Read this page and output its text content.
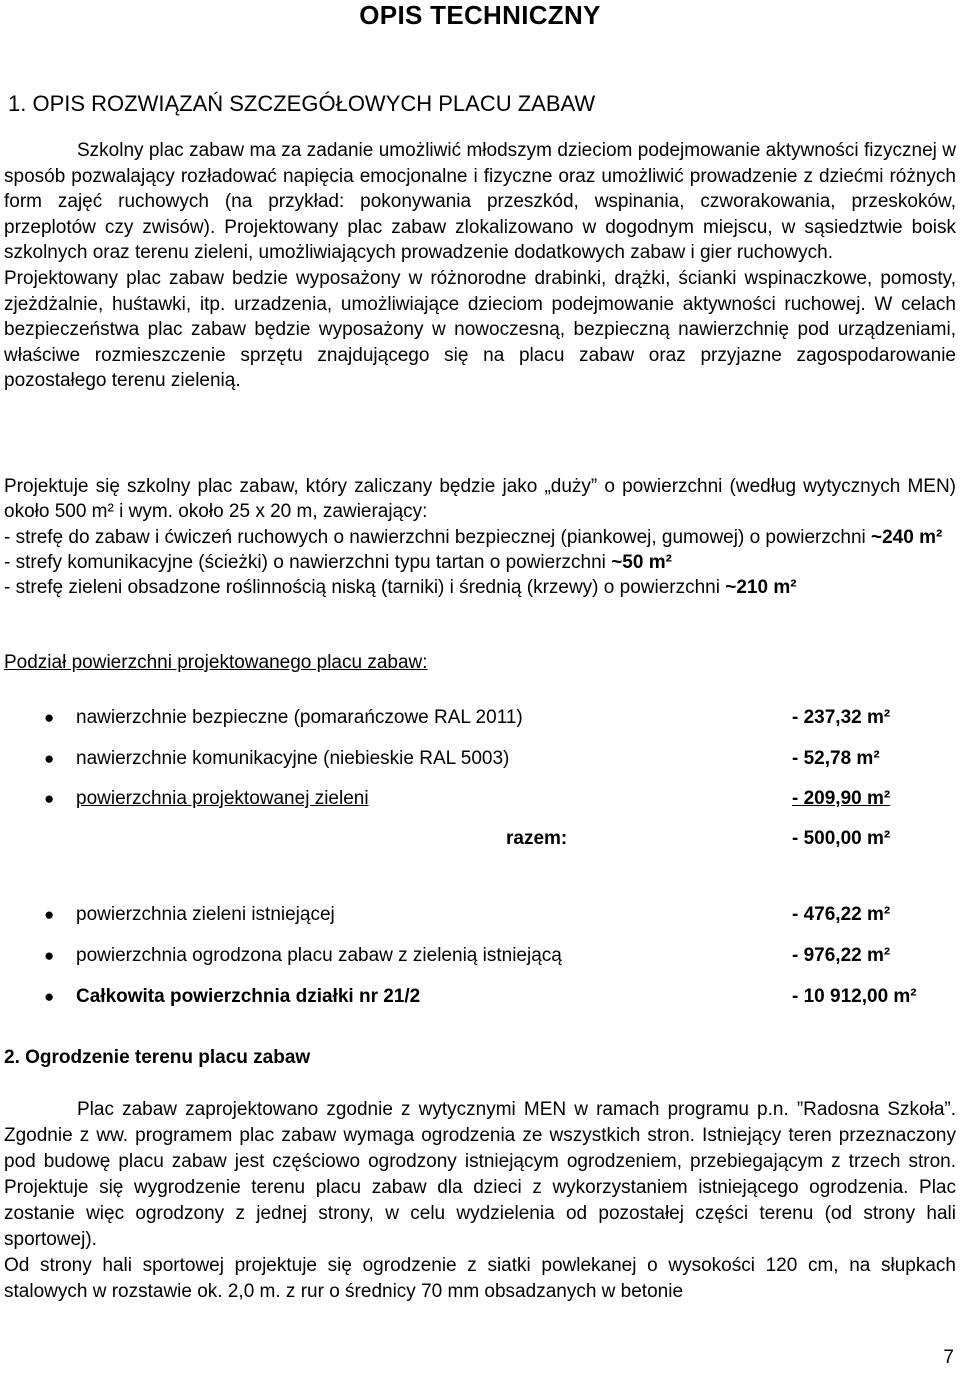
OPIS TECHNICZNY
1. OPIS ROZWIĄZAŃ SZCZEGÓŁOWYCH PLACU ZABAW
Szkolny plac zabaw ma za zadanie umożliwić młodszym dzieciom podejmowanie aktywności fizycznej w sposób pozwalający rozładować napięcia emocjonalne i fizyczne oraz umożliwić prowadzenie z dziećmi różnych form zajęć ruchowych (na przykład: pokonywania przeszkód, wspinania, czworakowania, przeskoków, przeplotów czy zwisów). Projektowany plac zabaw zlokalizowano w dogodnym miejscu, w sąsiedztwie boisk szkolnych oraz terenu zieleni, umożliwiających prowadzenie dodatkowych zabaw i gier ruchowych.
Projektowany plac zabaw bedzie wyposażony w różnorodne drabinki, drążki, ścianki wspinaczkowe, pomosty, zjeżdżalnie, huśtawki, itp. urzadzenia, umożliwiające dzieciom podejmowanie aktywności ruchowej. W celach bezpieczeństwa plac zabaw będzie wyposażony w nowoczesną, bezpieczną nawierzchnię pod urządzeniami, właściwe rozmieszczenie sprzętu znajdującego się na placu zabaw oraz przyjazne zagospodarowanie pozostałego terenu zielenią.
Projektuje się szkolny plac zabaw, który zaliczany będzie jako „duży” o powierzchni (według wytycznych MEN) około 500 m² i wym. około 25 x 20 m, zawierający:
- strefę do zabaw i ćwiczeń ruchowych o nawierzchni bezpiecznej (piankowej, gumowej) o powierzchni ~240 m²
- strefy komunikacyjne (ścieżki) o nawierzchni typu tartan o powierzchni ~50 m²
- strefę zieleni obsadzone roślinnością niską (tarniki) i średnią (krzewy) o powierzchni ~210 m²
Podział powierzchni projektowanego placu zabaw:
● nawierzchnie bezpieczne (pomarańczowe RAL 2011)	- 237,32 m²
● nawierzchnie komunikacyjne (niebieskie RAL 5003)	- 52,78 m²
● powierzchnia projektowanej zieleni	- 209,90 m²
razem:	- 500,00 m²
● powierzchnia zieleni istniejącej	- 476,22 m²
● powierzchnia ogrodzona placu zabaw z zielenią istniejącą	- 976,22 m²
● Całkowita powierzchnia działki nr 21/2	- 10 912,00 m²
2. Ogrodzenie terenu placu zabaw
Plac zabaw zaprojektowano zgodnie z wytycznymi MEN w ramach programu p.n. ”Radosna Szkoła”. Zgodnie z ww. programem plac zabaw wymaga ogrodzenia ze wszystkich stron. Istniejący teren przeznaczony pod budowę placu zabaw jest częściowo ogrodzony istniejącym ogrodzeniem, przebiegającym z trzech stron. Projektuje się wygrodzenie terenu placu zabaw dla dzieci z wykorzystaniem istniejącego ogrodzenia. Plac zostanie więc ogrodzony z jednej strony, w celu wydzielenia od pozostałej części terenu (od strony hali sportowej).
Od strony hali sportowej projektuje się ogrodzenie z siatki powlekanej o wysokości 120 cm, na słupkach stalowych w rozstawie ok. 2,0 m. z rur o średnicy 70 mm obsadzanych w betonie
7
